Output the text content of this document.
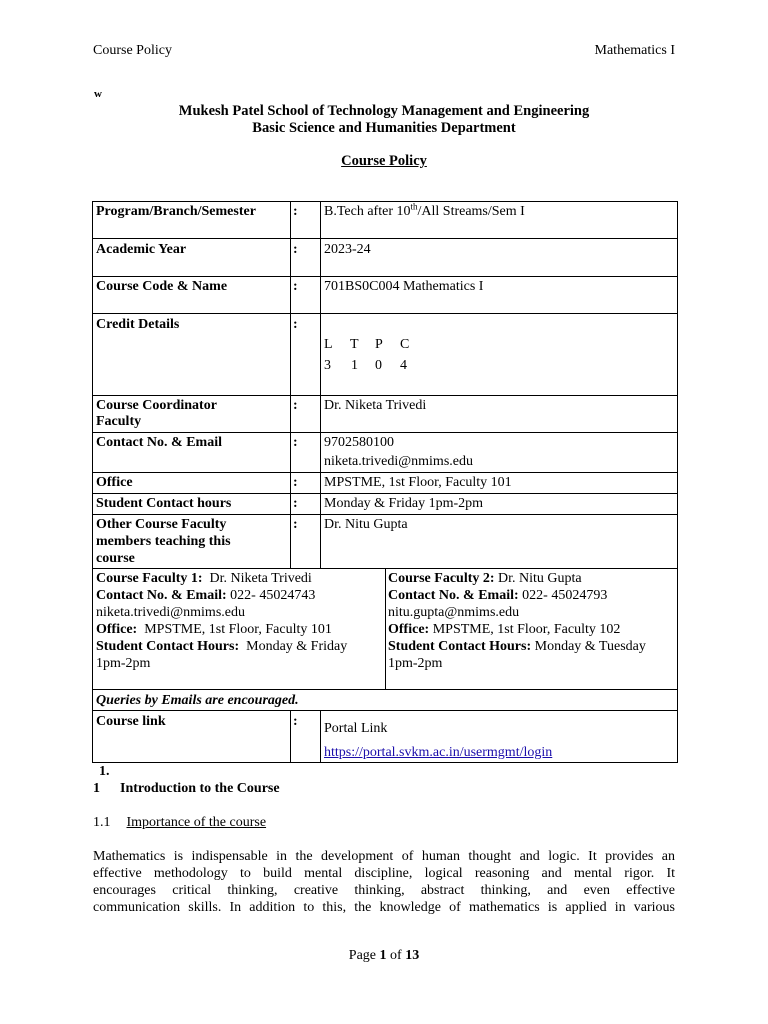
Course Policy	Mathematics I
w
Mukesh Patel School of Technology Management and Engineering
Basic Science and Humanities Department
Course Policy
Program/Branch/Semester	: B.Tech after 10th/All Streams/Sem I
Academic Year	: 2023-24
Course Code & Name	: 701BS0C004 Mathematics I
Credit Details	:
L T P C
3 1 0 4
Course Coordinator
Faculty
: Dr. Niketa Trivedi
Contact No. & Email	: 9702580100
niketa.trivedi@nmims.edu
Office	: MPSTME, 1st Floor, Faculty 101
Student Contact hours	: Monday & Friday 1pm-2pm
Other Course Faculty
members teaching this
course
: Dr. Nitu Gupta
Course Faculty 1: Dr. Niketa Trivedi
Contact No. & Email: 022- 45024743
niketa.trivedi@nmims.edu
Office: MPSTME, 1st Floor, Faculty 101
Student Contact Hours: Monday & Friday
1pm-2pm
Course Faculty 2: Dr. Nitu Gupta
Contact No. & Email: 022- 45024793
nitu.gupta@nmims.edu
Office: MPSTME, 1st Floor, Faculty 102
Student Contact Hours: Monday & Tuesday
1pm-2pm
Queries by Emails are encouraged.
Course link	: Portal Link
https://portal.svkm.ac.in/usermgmt/login
1.
1 Introduction to the Course
1.1 Importance of the course
Mathematics is indispensable in the development of human thought and logic. It provides an
effective methodology to build mental discipline, logical reasoning and mental rigor. It
encourages critical thinking, creative thinking, abstract thinking, and even effective
communication skills. In addition to this, the knowledge of mathematics is applied in various
Page 1 of 13
